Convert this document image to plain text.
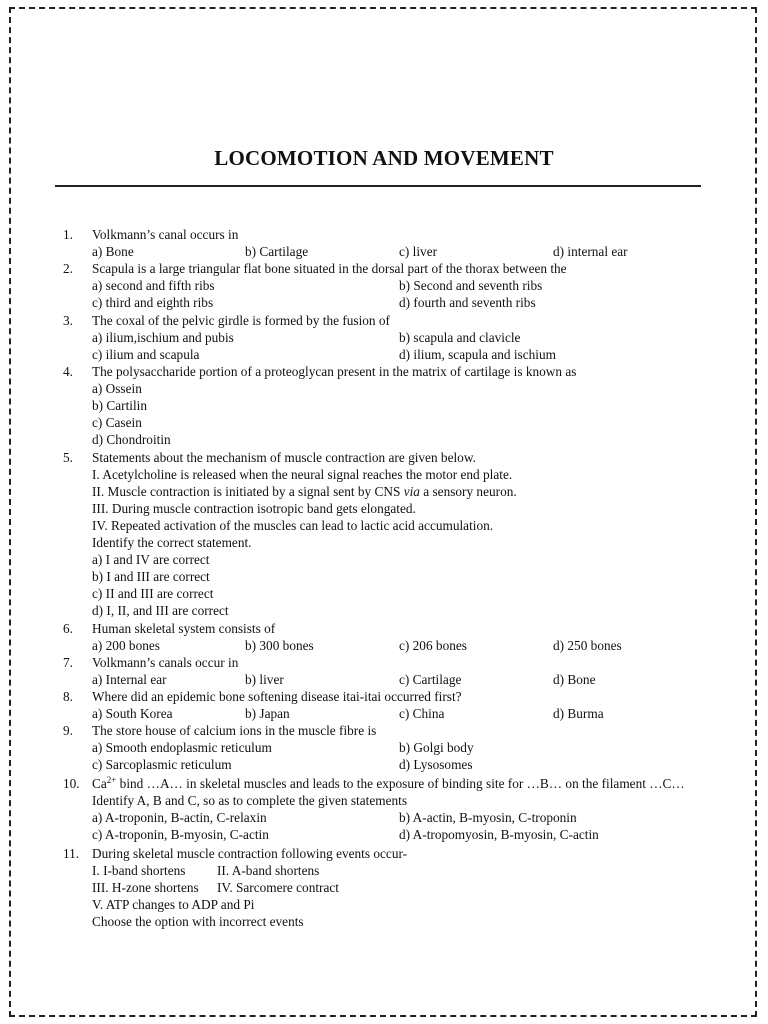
LOCOMOTION AND MOVEMENT
1. Volkmann’s canal occurs in
a) Bone	b) Cartilage	c) liver	d) internal ear
2. Scapula is a large triangular flat bone situated in the dorsal part of the thorax between the
a) second and fifth ribs	b) Second and seventh ribs
c) third and eighth ribs	d) fourth and seventh ribs
3. The coxal of the pelvic girdle is formed by the fusion of
a) ilium,ischium and pubis	b) scapula and clavicle
c) ilium and scapula	d) ilium, scapula and ischium
4. The polysaccharide portion of a proteoglycan present in the matrix of cartilage is known as
a) Ossein
b) Cartilin
c) Casein
d) Chondroitin
5. Statements about the mechanism of muscle contraction are given below.
I. Acetylcholine is released when the neural signal reaches the motor end plate.
II. Muscle contraction is initiated by a signal sent by CNS via a sensory neuron.
III. During muscle contraction isotropic band gets elongated.
IV. Repeated activation of the muscles can lead to lactic acid accumulation.
Identify the correct statement.
a) I and IV are correct
b) I and III are correct
c) II and III are correct
d) I, II, and III are correct
6. Human skeletal system consists of
a) 200 bones	b) 300 bones	c) 206 bones	d) 250 bones
7. Volkmann’s canals occur in
a) Internal ear	b) liver	c) Cartilage	d) Bone
8. Where did an epidemic bone softening disease itai-itai occurred first?
a) South Korea	b) Japan	c) China	d) Burma
9. The store house of calcium ions in the muscle fibre is
a) Smooth endoplasmic reticulum	b) Golgi body
c) Sarcoplasmic reticulum	d) Lysosomes
10. $Ca^{2+}$ bind …A… in skeletal muscles and leads to the exposure of binding site for …B… on the filament …C…
Identify A, B and C, so as to complete the given statements
a) A-troponin, B-actin, C-relaxin	b) A-actin, B-myosin, C-troponin
c) A-troponin, B-myosin, C-actin	d) A-tropomyosin, B-myosin, C-actin
11. During skeletal muscle contraction following events occur-
I. I-band shortens II. A-band shortens
III. H-zone shortens IV. Sarcomere contract
V. ATP changes to ADP and Pi
Choose the option with incorrect events
